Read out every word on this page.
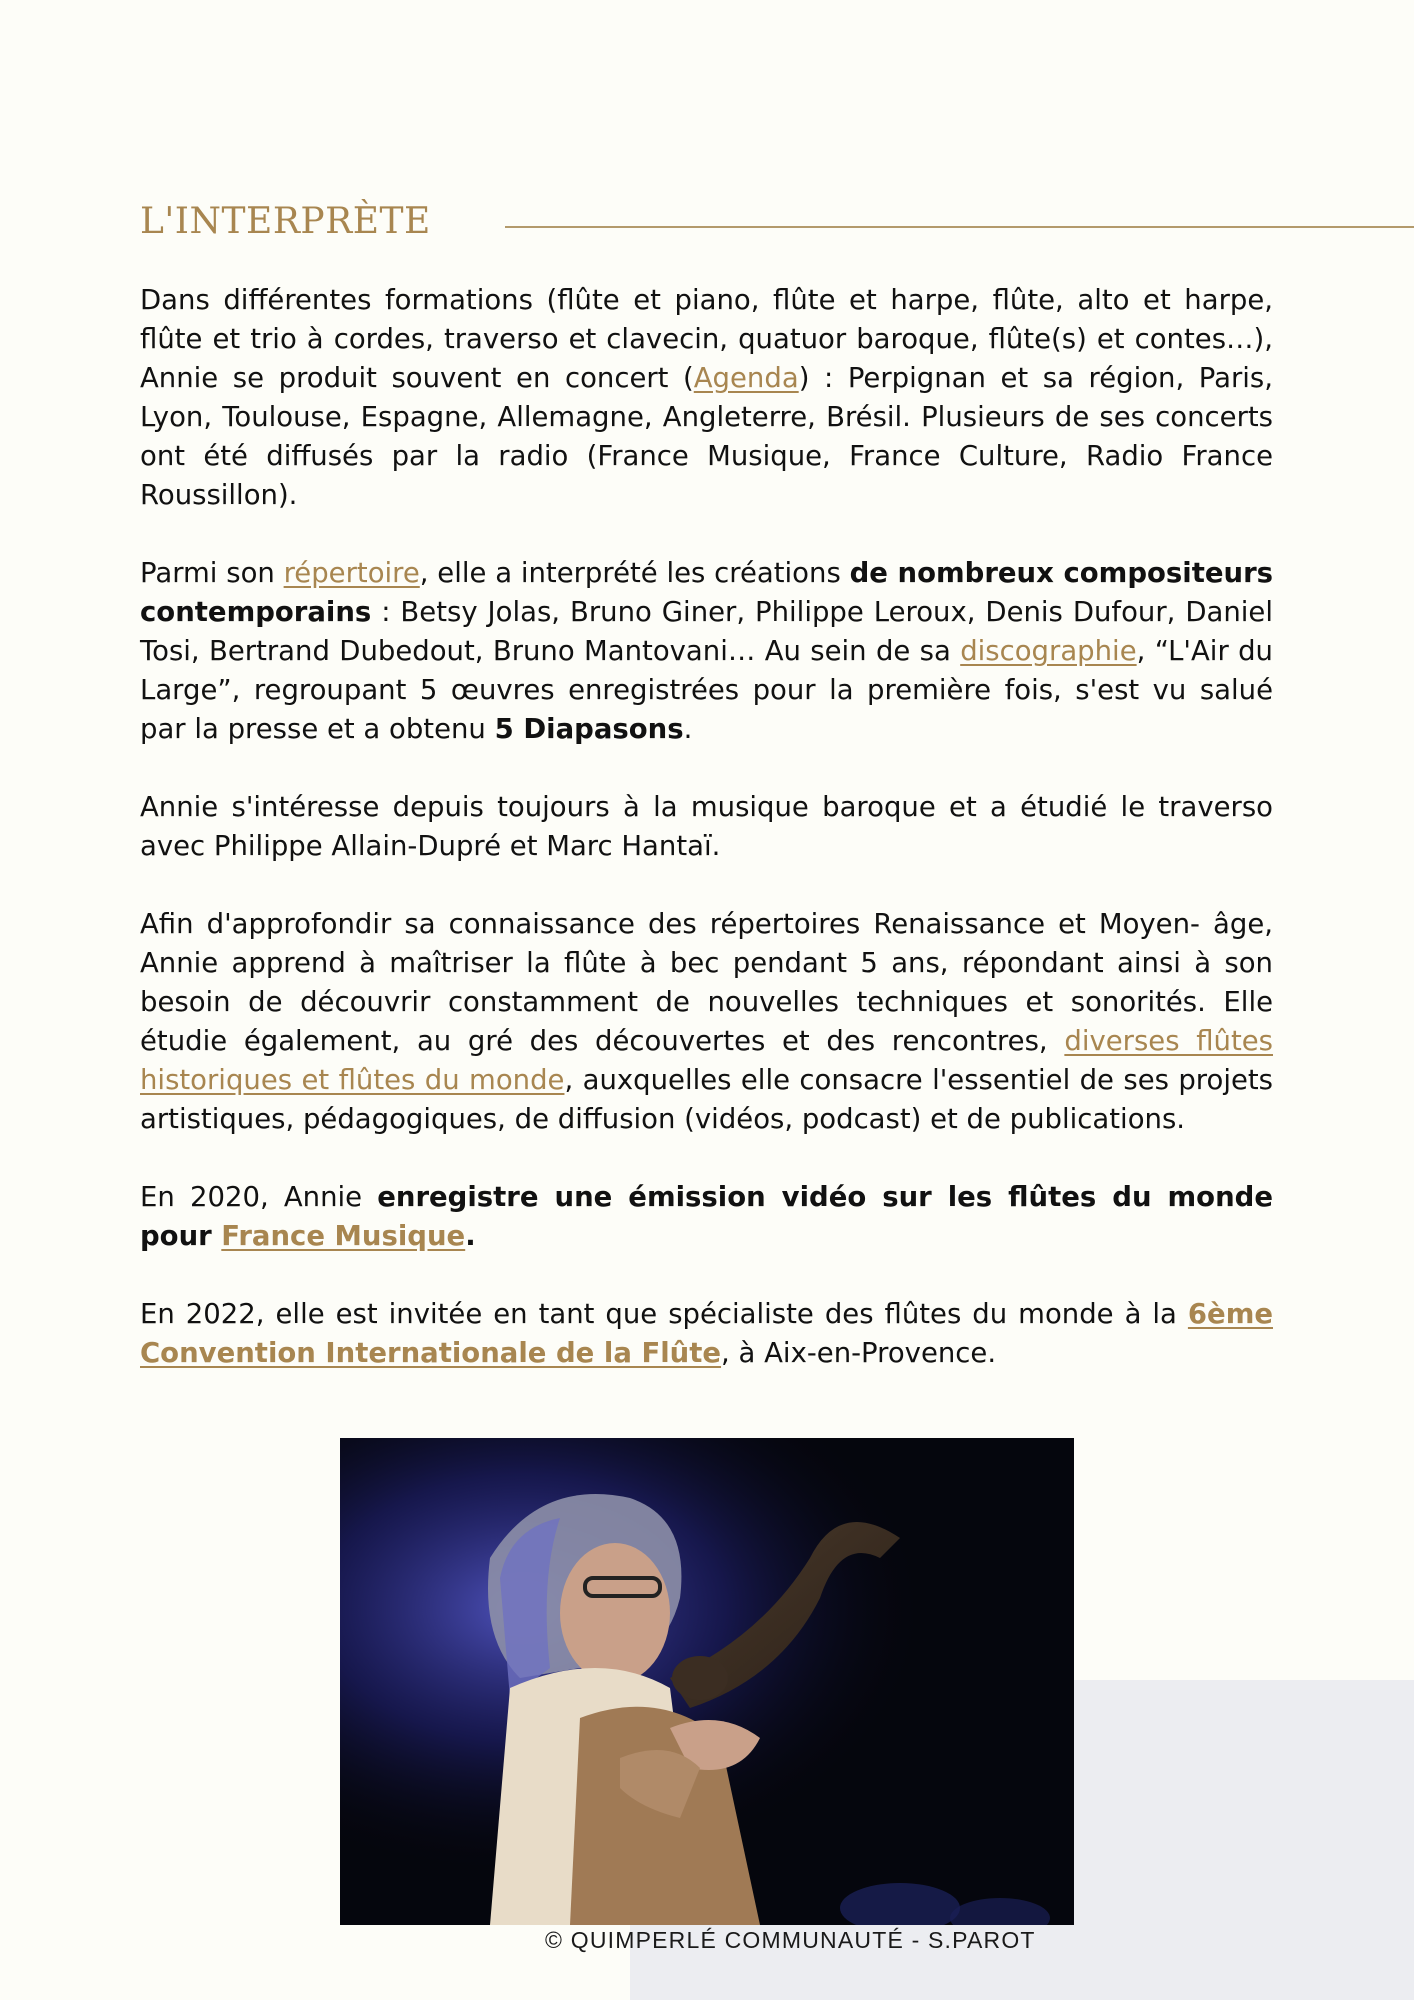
L'INTERPRÈTE

Dans différentes formations (flûte et piano, flûte et harpe, flûte, alto et harpe, flûte et trio à cordes, traverso et clavecin, quatuor baroque, flûte(s) et contes…), Annie se produit souvent en concert (Agenda) : Perpignan et sa région, Paris, Lyon, Toulouse, Espagne, Allemagne, Angleterre, Brésil. Plusieurs de ses concerts ont été diffusés par la radio (France Musique, France Culture, Radio France Roussillon).

Parmi son répertoire, elle a interprété les créations de nombreux compositeurs contemporains : Betsy Jolas, Bruno Giner, Philippe Leroux, Denis Dufour, Daniel Tosi, Bertrand Dubedout, Bruno Mantovani… Au sein de sa discographie, “L'Air du Large”, regroupant 5 œuvres enregistrées pour la première fois, s'est vu salué par la presse et a obtenu 5 Diapasons.

Annie s'intéresse depuis toujours à la musique baroque et a étudié le traverso avec Philippe Allain-Dupré et Marc Hantaï.

Afin d'approfondir sa connaissance des répertoires Renaissance et Moyen- âge, Annie apprend à maîtriser la flûte à bec pendant 5 ans, répondant ainsi à son besoin de découvrir constamment de nouvelles techniques et sonorités. Elle étudie également, au gré des découvertes et des rencontres, diverses flûtes historiques et flûtes du monde, auxquelles elle consacre l'essentiel de ses projets artistiques, pédagogiques, de diffusion (vidéos, podcast) et de publications.

En 2020, Annie enregistre une émission vidéo sur les flûtes du monde pour France Musique.

En 2022, elle est invitée en tant que spécialiste des flûtes du monde à la 6ème Convention Internationale de la Flûte, à Aix-en-Provence.

© QUIMPERLÉ COMMUNAUTÉ - S.PAROT
